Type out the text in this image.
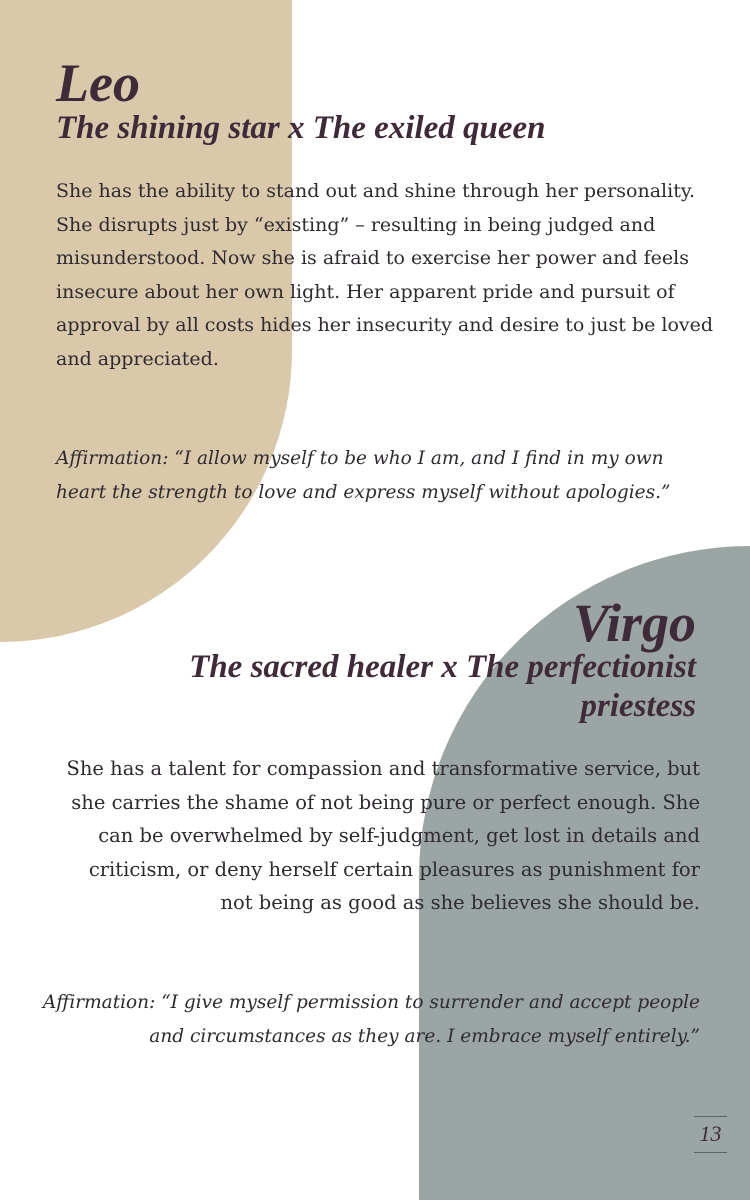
Leo
The shining star x The exiled queen

She has the ability to stand out and shine through her personality. She disrupts just by “existing” – resulting in being judged and misunderstood. Now she is afraid to exercise her power and feels insecure about her own light. Her apparent pride and pursuit of approval by all costs hides her insecurity and desire to just be loved and appreciated.

Affirmation: “I allow myself to be who I am, and I find in my own heart the strength to love and express myself without apologies.”

Virgo
The sacred healer x The perfectionist priestess

She has a talent for compassion and transformative service, but she carries the shame of not being pure or perfect enough. She can be overwhelmed by self-judgment, get lost in details and criticism, or deny herself certain pleasures as punishment for not being as good as she believes she should be.

Affirmation: “I give myself permission to surrender and accept people and circumstances as they are. I embrace myself entirely.”

13
